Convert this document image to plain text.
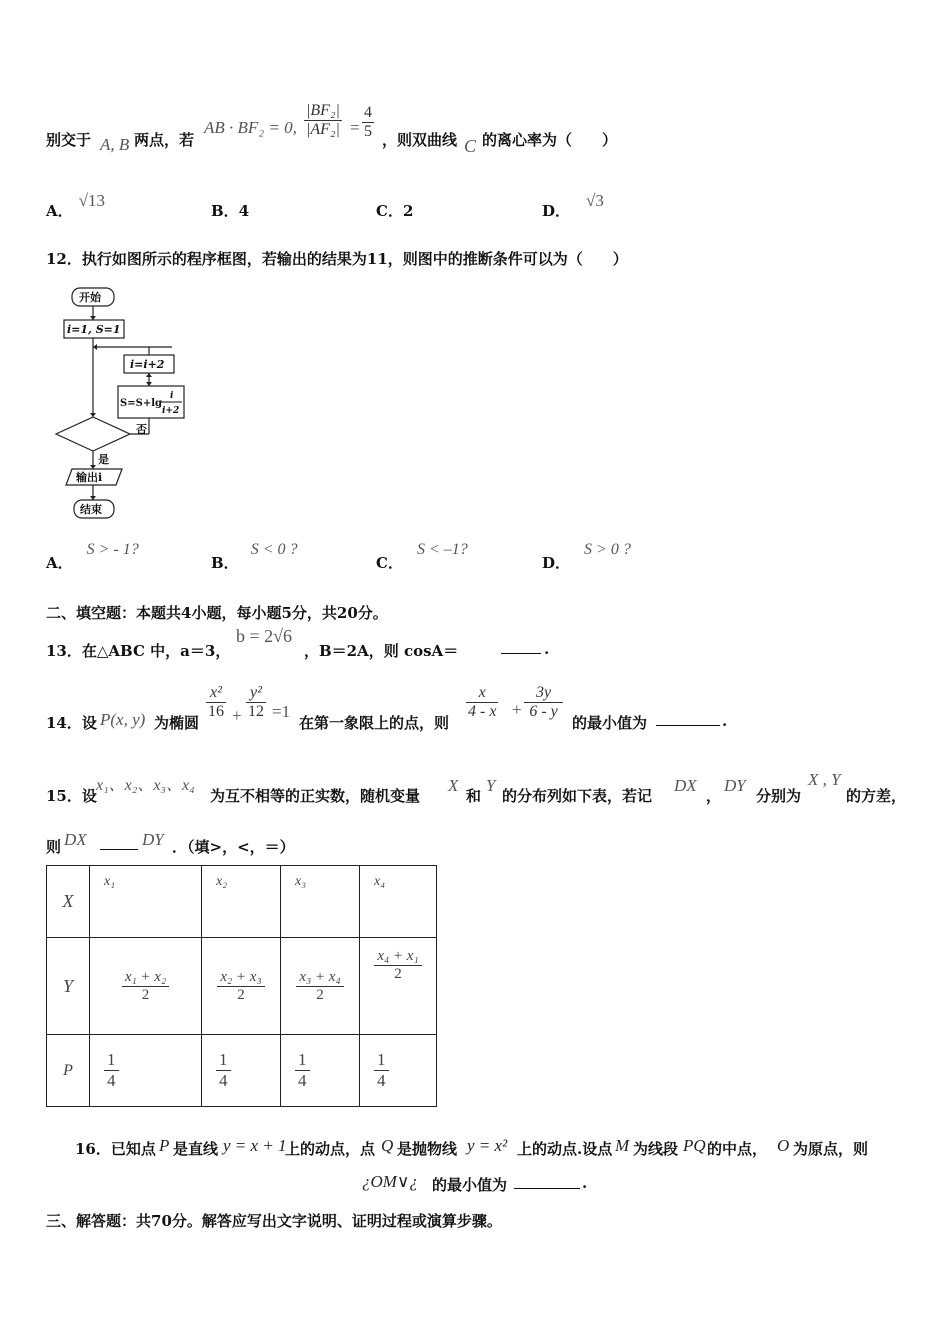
别交于 A, B 两点，若
AB · BF₂ = 0, $\frac{\text{|BF₂|}}{\text{|AF₂|}} = \frac{4}{5}$ ，则双曲线 C 的离心率为（　　）
A．√13
B．4	C．2	D．√3
12．执行如图所示的程序框图，若输出的结果为11，则图中的推断条件可以为（　　）
开始
i=1, S=1
i=i+2
S=S+lg
i
i+2
否
是
输出i
结束
A．S > - 1?
B．S < 0 ?
C．S < –1?
D．S > 0 ?
二、填空题：本题共4小题，每小题5分，共20分。
13．在△ABC 中，a＝3，
b = 2√6
，B＝2A，则 cosA＝	.
14．设 P(x, y) 为椭圆
$\frac{\text{x²}}{16} + \frac{\text{y²}}{12} =1$
在第一象限上的点，则
$\frac{x}{4 - x} + \frac{3y}{6 - y}$
的最小值为	.
15．设
x₁、x₂、x₃、x₄
为互不相等的正实数，随机变量
X
和
Y
的分布列如下表，若记
DX
，
DY
分别为
X , Y
的方差，
则 DX	DY ．（填>，<，＝）
X	x₁	x₂	x₃	x₄
Y	$\frac{\text{x₁ + x₂}}{2}$	$\frac{\text{x₂ + x₃}}{2}$	$\frac{\text{x₃ + x₄}}{2}$	$\frac{\text{x₄ + x₁}}{2}$

P	$\frac{1}{4}$	$\frac{1}{4}$	$\frac{1}{4}$	$\frac{1}{4}$
16．已知点 P 是直线 y = x + 1
上的动点，点 Q 是抛物线 y = x² 上的动点.设点 M 为线段 PQ 的中点， O 为原点，则
¿OM∨¿ 的最小值为	.
三、解答题：共70分。解答应写出文字说明、证明过程或演算步骤。
